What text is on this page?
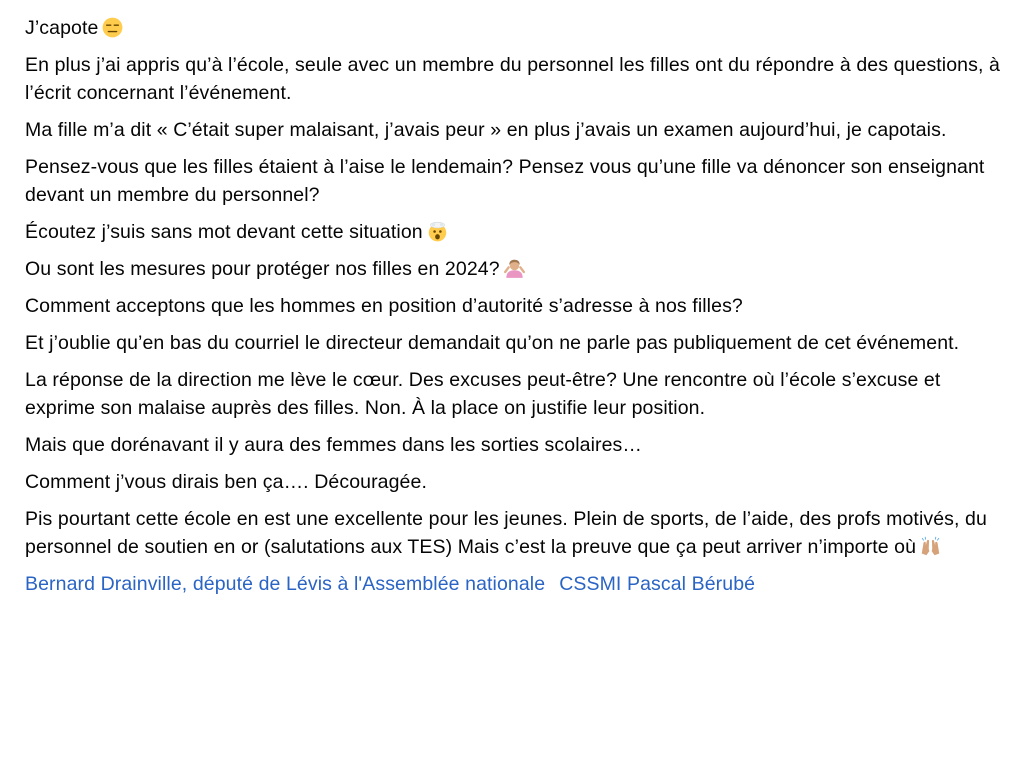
J’capote

En plus j’ai appris qu’à l’école, seule avec un membre du personnel les filles ont du répondre à des questions, à l’écrit concernant l’événement.

Ma fille m’a dit « C’était super malaisant, j’avais peur » en plus j’avais un examen aujourd’hui, je capotais.

Pensez-vous que les filles étaient à l’aise le lendemain? Pensez vous qu’une fille va dénoncer son enseignant devant un membre du personnel?

Écoutez j’suis sans mot devant cette situation

Ou sont les mesures pour protéger nos filles en 2024?

Comment acceptons que les hommes en position d’autorité s’adresse à nos filles?

Et j’oublie qu’en bas du courriel le directeur demandait qu’on ne parle pas publiquement de cet événement.

La réponse de la direction me lève le cœur. Des excuses peut-être? Une rencontre où l’école s’excuse et exprime son malaise auprès des filles. Non. À la place on justifie leur position.

Mais que dorénavant il y aura des femmes dans les sorties scolaires…

Comment j’vous dirais ben ça…. Découragée.

Pis pourtant cette école en est une excellente pour les jeunes. Plein de sports, de l’aide, des profs motivés, du personnel de soutien en or (salutations aux TES) Mais c’est la preuve que ça peut arriver n’importe où

Bernard Drainville, député de Lévis à l'Assemblée nationale CSSMI Pascal Bérubé
